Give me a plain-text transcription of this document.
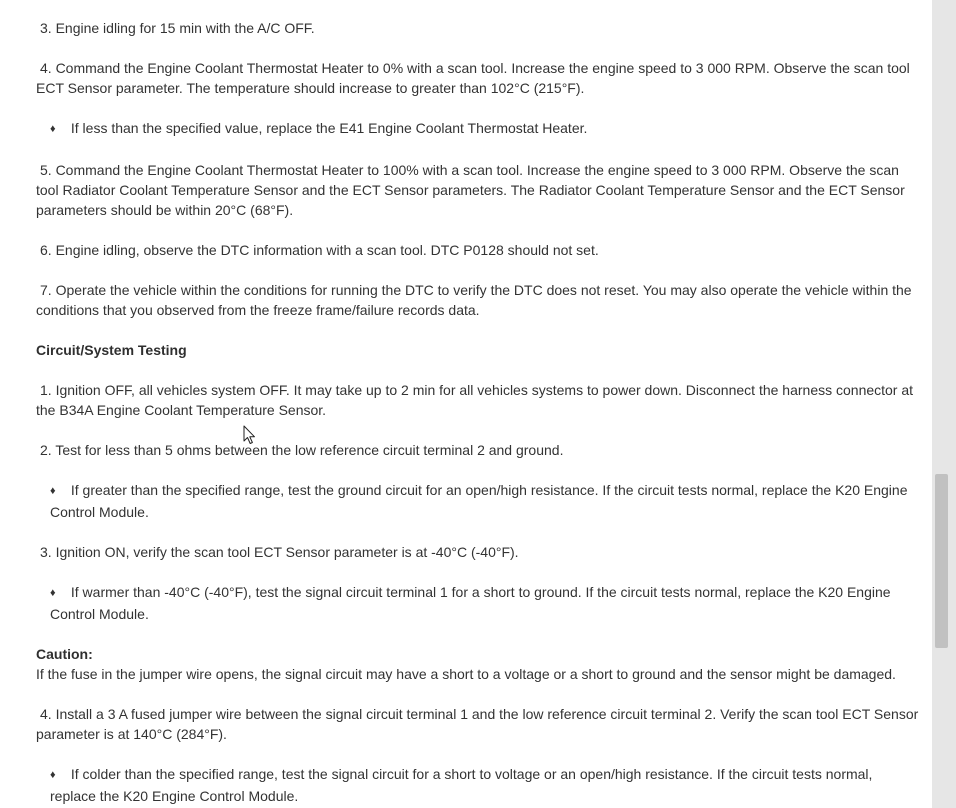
3. Engine idling for 15 min with the A/C OFF.
4. Command the Engine Coolant Thermostat Heater to 0% with a scan tool. Increase the engine speed to 3 000 RPM. Observe the scan tool ECT Sensor parameter. The temperature should increase to greater than 102°C (215°F).
♦ If less than the specified value, replace the E41 Engine Coolant Thermostat Heater.
5. Command the Engine Coolant Thermostat Heater to 100% with a scan tool. Increase the engine speed to 3 000 RPM. Observe the scan tool Radiator Coolant Temperature Sensor and the ECT Sensor parameters. The Radiator Coolant Temperature Sensor and the ECT Sensor parameters should be within 20°C (68°F).
6. Engine idling, observe the DTC information with a scan tool. DTC P0128 should not set.
7. Operate the vehicle within the conditions for running the DTC to verify the DTC does not reset. You may also operate the vehicle within the conditions that you observed from the freeze frame/failure records data.
Circuit/System Testing
1. Ignition OFF, all vehicles system OFF. It may take up to 2 min for all vehicles systems to power down. Disconnect the harness connector at the B34A Engine Coolant Temperature Sensor.
2. Test for less than 5 ohms between the low reference circuit terminal 2 and ground.
♦ If greater than the specified range, test the ground circuit for an open/high resistance. If the circuit tests normal, replace the K20 Engine Control Module.
3. Ignition ON, verify the scan tool ECT Sensor parameter is at -40°C (-40°F).
♦ If warmer than -40°C (-40°F), test the signal circuit terminal 1 for a short to ground. If the circuit tests normal, replace the K20 Engine Control Module.
Caution:
If the fuse in the jumper wire opens, the signal circuit may have a short to a voltage or a short to ground and the sensor might be damaged.
4. Install a 3 A fused jumper wire between the signal circuit terminal 1 and the low reference circuit terminal 2. Verify the scan tool ECT Sensor parameter is at 140°C (284°F).
♦ If colder than the specified range, test the signal circuit for a short to voltage or an open/high resistance. If the circuit tests normal, replace the K20 Engine Control Module.
